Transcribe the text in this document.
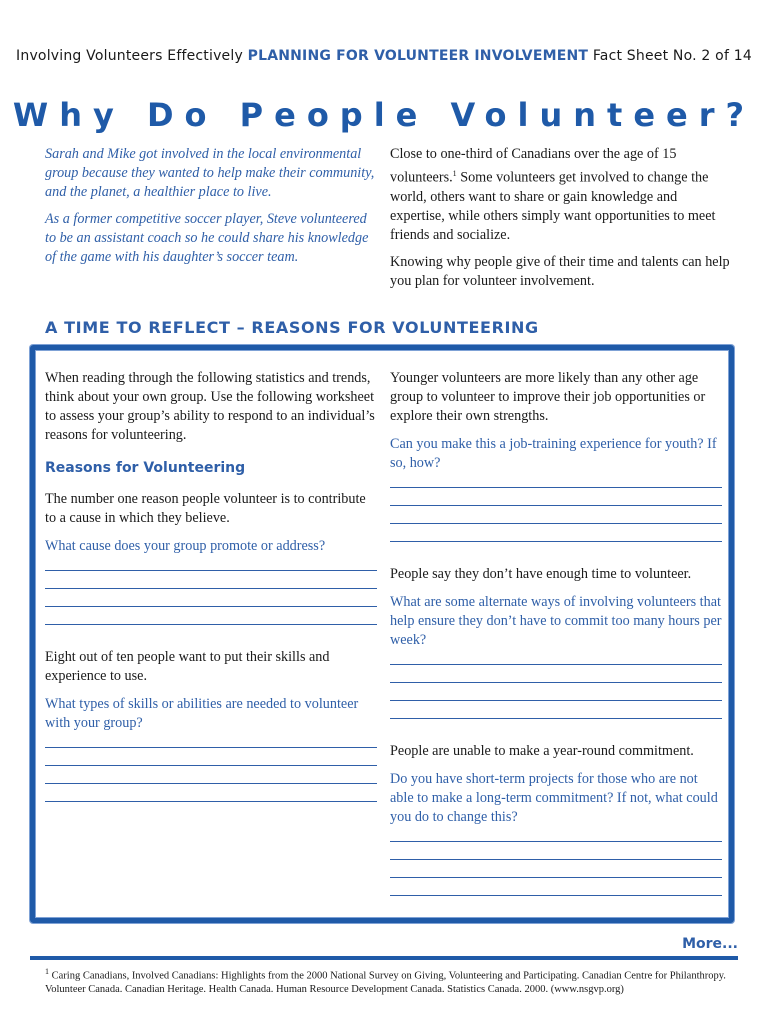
Involving Volunteers Effectively PLANNING FOR VOLUNTEER INVOLVEMENT Fact Sheet No. 2 of 14
Why Do People Volunteer?

Sarah and Mike got involved in the local environmental group because they wanted to help make their community, and the planet, a healthier place to live.

As a former competitive soccer player, Steve volunteered to be an assistant coach so he could share his knowledge of the game with his daughter’s soccer team.

Close to one-third of Canadians over the age of 15 volunteers.$^1$ Some volunteers get involved to change the world, others want to share or gain knowledge and expertise, while others simply want opportunities to meet friends and socialize.

Knowing why people give of their time and talents can help you plan for volunteer involvement.

A TIME TO REFLECT – REASONS FOR VOLUNTEERING

When reading through the following statistics and trends, think about your own group. Use the following worksheet to assess your group’s ability to respond to an individual’s reasons for volunteering.

Reasons for Volunteering

The number one reason people volunteer is to contribute to a cause in which they believe.

What cause does your group promote or address?

Eight out of ten people want to put their skills and experience to use.

What types of skills or abilities are needed to volunteer with your group?

Younger volunteers are more likely than any other age group to volunteer to improve their job opportunities or explore their own strengths.

Can you make this a job-training experience for youth? If so, how?

People say they don’t have enough time to volunteer.

What are some alternate ways of involving volunteers that help ensure they don’t have to commit too many hours per week?

People are unable to make a year-round commitment.

Do you have short-term projects for those who are not able to make a long-term commitment? If not, what could you do to change this?

More...
$^1$ Caring Canadians, Involved Canadians: Highlights from the 2000 National Survey on Giving, Volunteering and Participating. Canadian Centre for Philanthropy. Volunteer Canada. Canadian Heritage. Health Canada. Human Resource Development Canada. Statistics Canada. 2000. (www.nsgvp.org)
